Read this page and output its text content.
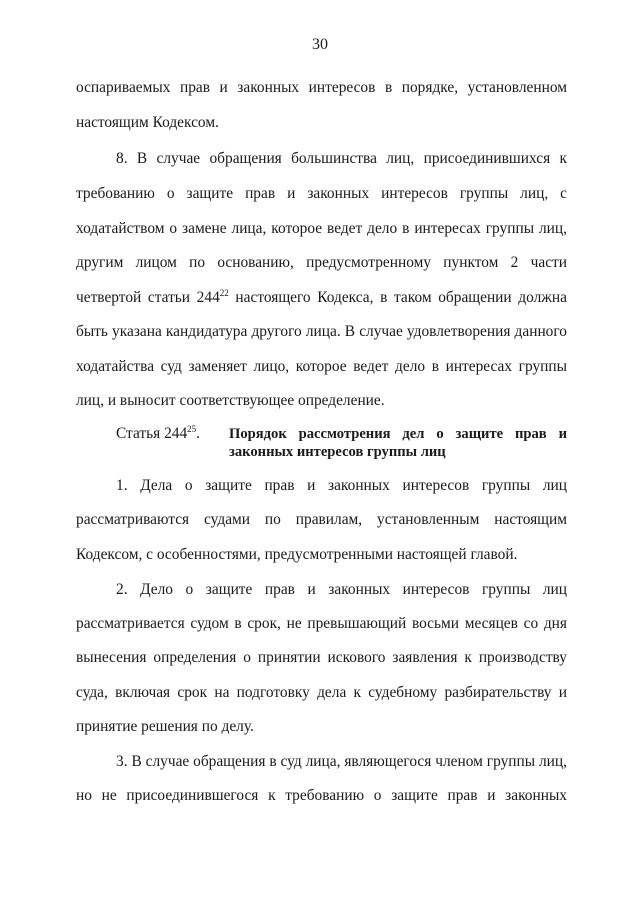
30
оспариваемых прав и законных интересов в порядке, установленном
настоящим Кодексом.
8. В случае обращения большинства лиц, присоединившихся к
требованию о защите прав и законных интересов группы лиц, с
ходатайством о замене лица, которое ведет дело в интересах группы лиц,
другим лицом по основанию, предусмотренному пунктом 2 части
четвертой статьи $244^{22}$ настоящего Кодекса, в таком обращении должна
быть указана кандидатура другого лица. В случае удовлетворения данного
ходатайства суд заменяет лицо, которое ведет дело в интересах группы
лиц, и выносит соответствующее определение.
Статья $244^{25}$. Порядок рассмотрения дел о защите прав и
законных интересов группы лиц
1. Дела о защите прав и законных интересов группы лиц
рассматриваются судами по правилам, установленным настоящим
Кодексом, с особенностями, предусмотренными настоящей главой.
2. Дело о защите прав и законных интересов группы лиц
рассматривается судом в срок, не превышающий восьми месяцев со дня
вынесения определения о принятии искового заявления к производству
суда, включая срок на подготовку дела к судебному разбирательству и
принятие решения по делу.
3. В случае обращения в суд лица, являющегося членом группы лиц,
но не присоединившегося к требованию о защите прав и законных
